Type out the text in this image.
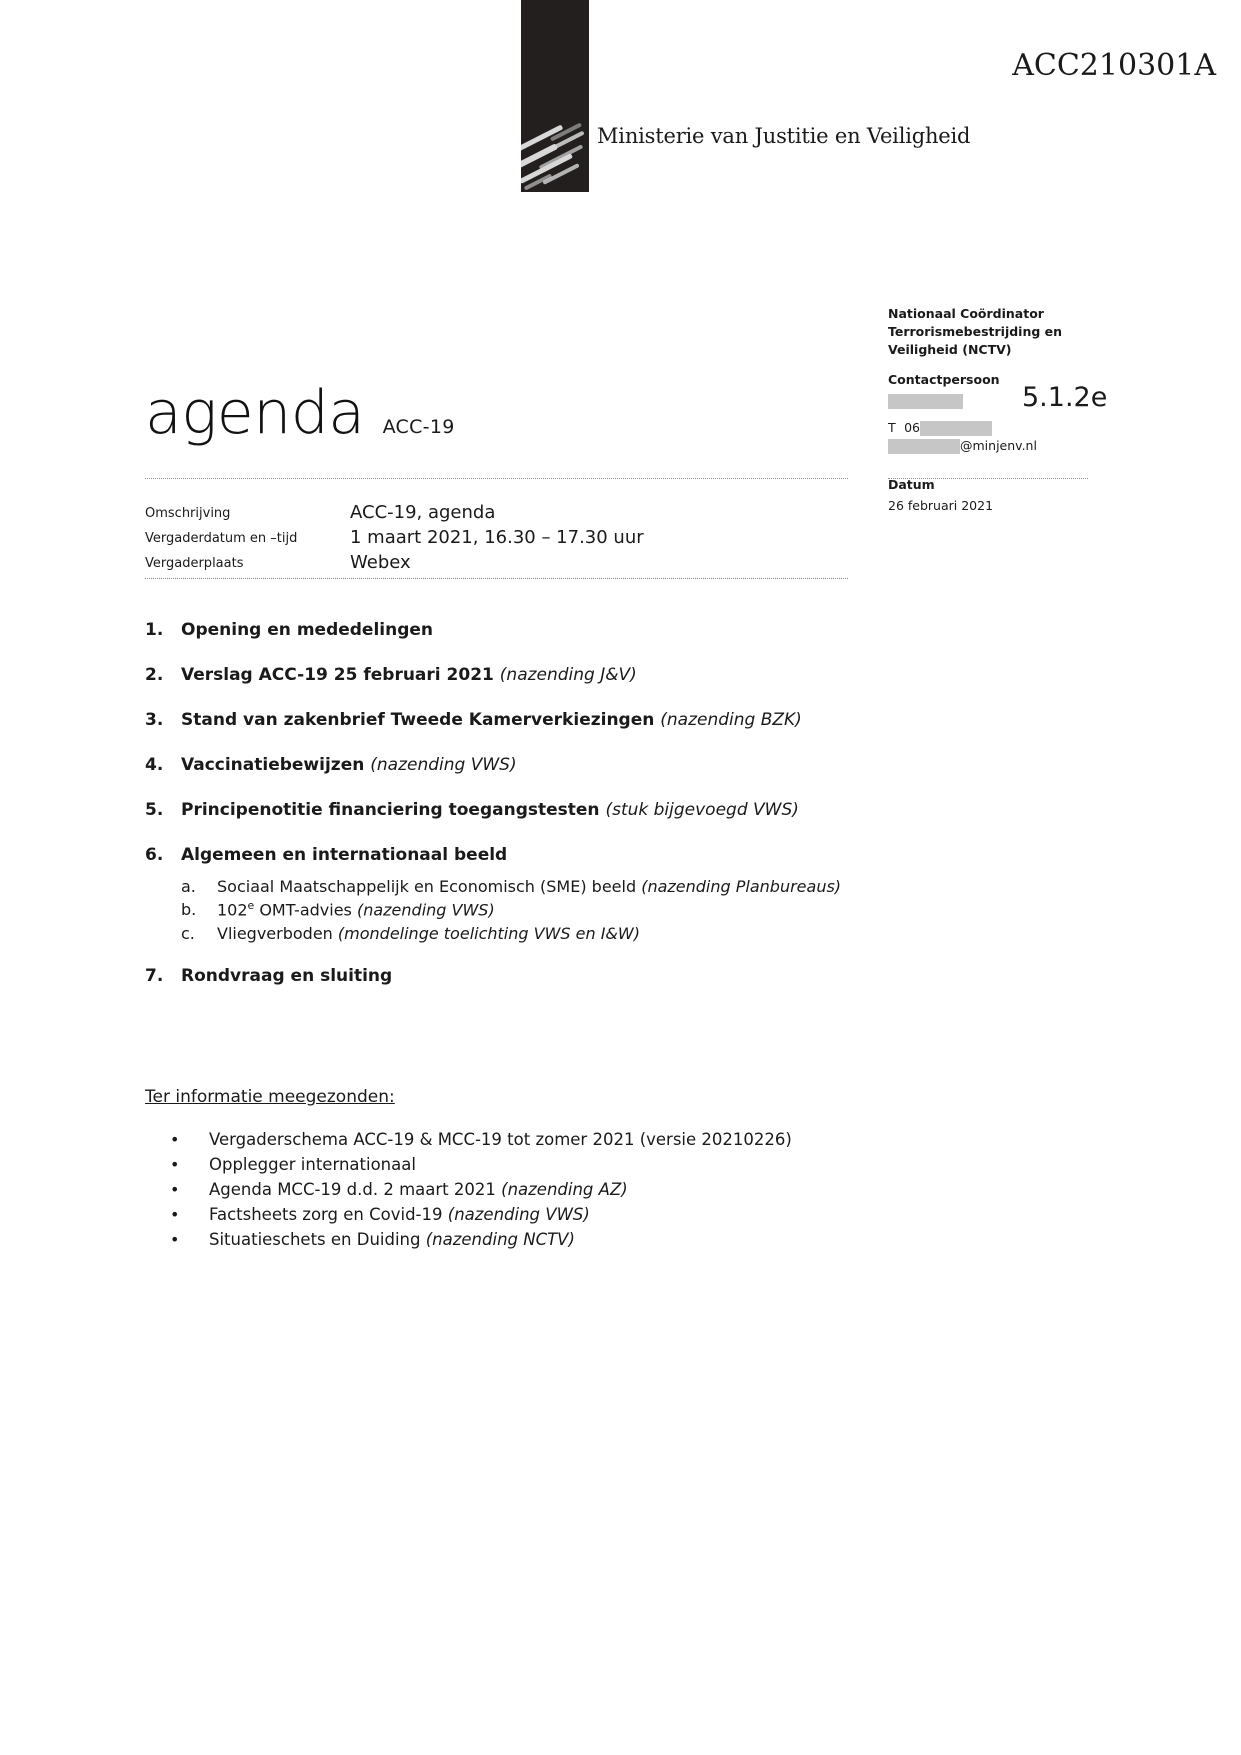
Ministerie van Justitie en Veiligheid
ACC210301A
Nationaal Coördinator Terrorismebestrijding en Veiligheid (NCTV)
Contactpersoon
T 06
@minjenv.nl
Datum
26 februari 2021
5.1.2e
agenda ACC-19
Omschrijving	ACC-19, agenda
Vergaderdatum en –tijd	1 maart 2021, 16.30 – 17.30 uur
Vergaderplaats	Webex
1.	Opening en mededelingen
2.	Verslag ACC-19 25 februari 2021 (nazending J&V)
3.	Stand van zakenbrief Tweede Kamerverkiezingen (nazending BZK)
4.	Vaccinatiebewijzen (nazending VWS)
5.	Principenotitie financiering toegangstesten (stuk bijgevoegd VWS)
6.	Algemeen en internationaal beeld
a.	Sociaal Maatschappelijk en Economisch (SME) beeld (nazending Planbureaus)
b.	102e OMT-advies (nazending VWS)
c.	Vliegverboden (mondelinge toelichting VWS en I&W)
7.	Rondvraag en sluiting
Ter informatie meegezonden:
•	Vergaderschema ACC-19 & MCC-19 tot zomer 2021 (versie 20210226)
•	Opplegger internationaal
•	Agenda MCC-19 d.d. 2 maart 2021 (nazending AZ)
•	Factsheets zorg en Covid-19 (nazending VWS)
•	Situatieschets en Duiding (nazending NCTV)
